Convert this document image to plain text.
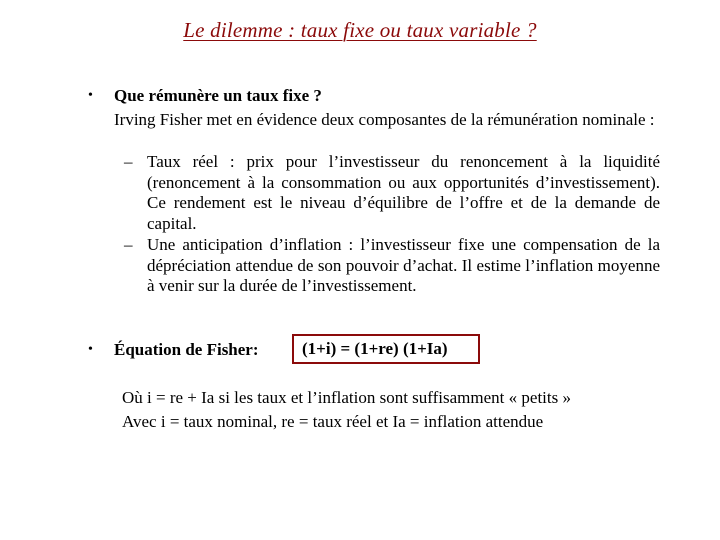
Le dilemme : taux fixe ou taux variable ?
• Que rémunère un taux fixe ?
Irving Fisher met en évidence deux composantes de la rémunération nominale :
– Taux réel : prix pour l’investisseur du renoncement à la liquidité (renoncement à la consommation ou aux opportunités d’investissement). Ce rendement est le niveau d’équilibre de l’offre et de la demande de capital.
– Une anticipation d’inflation : l’investisseur fixe une compensation de la dépréciation attendue de son pouvoir d’achat. Il estime l’inflation moyenne à venir sur la durée de l’investissement.
• Équation de Fisher:	(1+i) = (1+re) (1+Ia)
Où i = re + Ia si les taux et l’inflation sont suffisamment « petits »
Avec i = taux nominal, re = taux réel et Ia = inflation attendue
